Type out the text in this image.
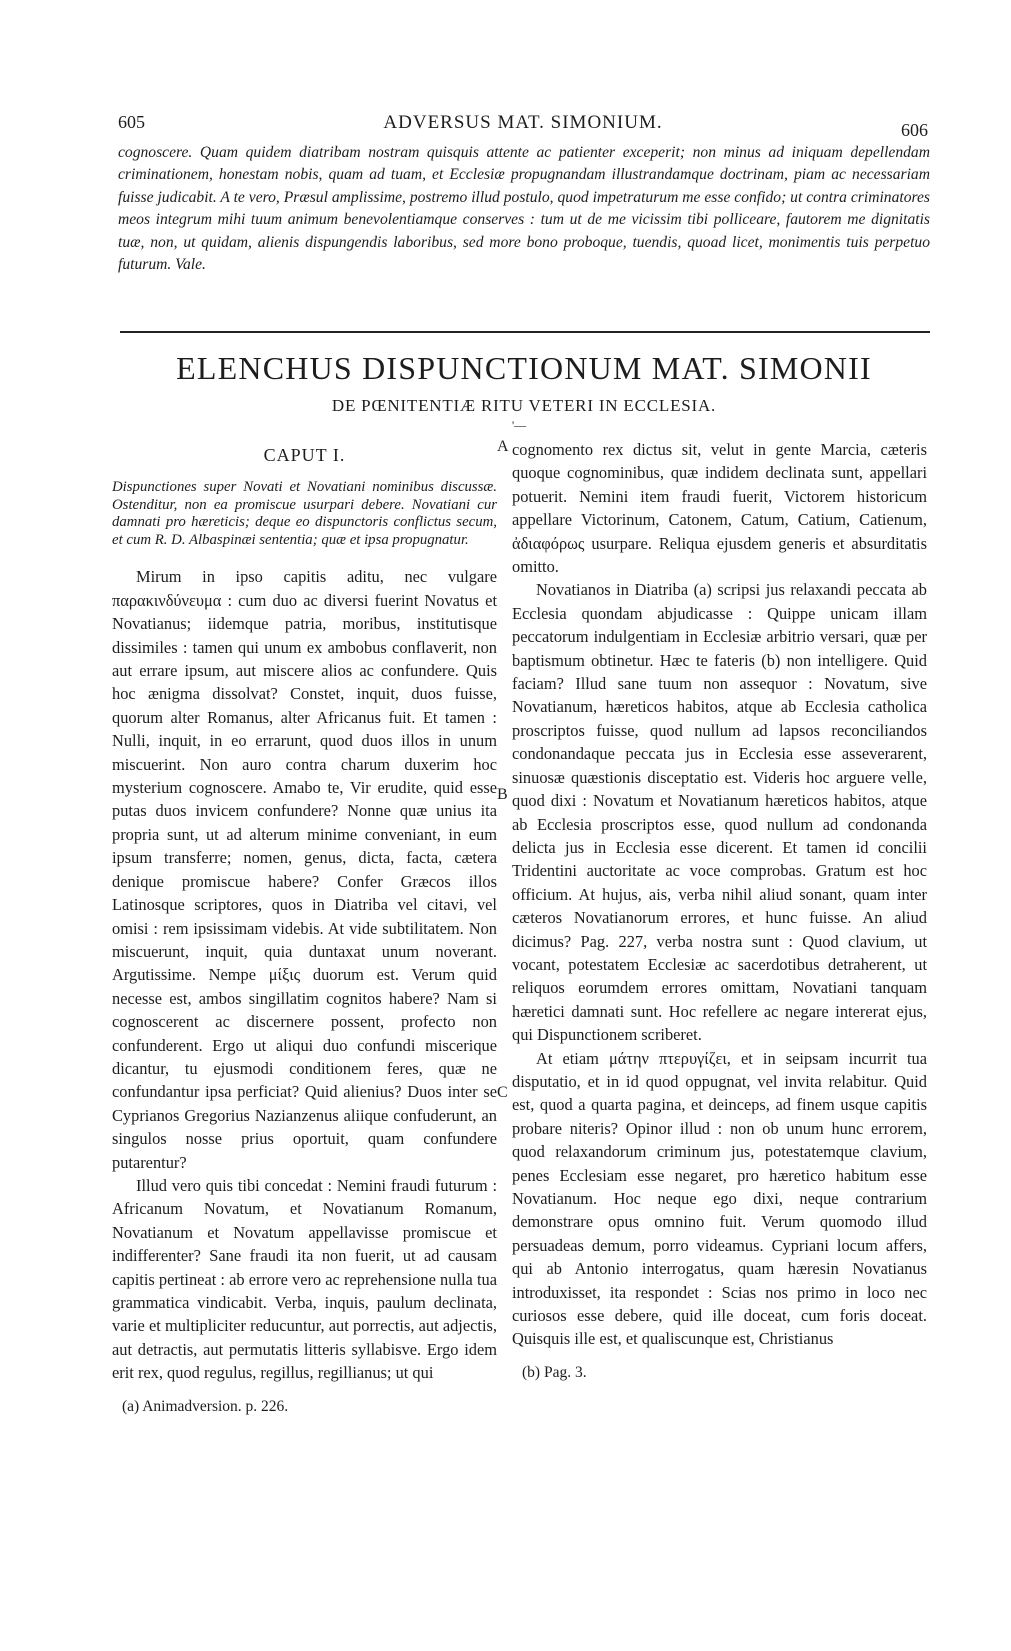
605	ADVERSUS MAT. SIMONIUM.	606
cognoscere. Quam quidem diatribam nostram quisquis attente ac patienter exceperit; non minus ad iniquam depellendam criminationem, honestam nobis, quam ad tuam, et Ecclesiæ propugnandam illustrandamque doctrinam, piam ac necessariam fuisse judicabit. A te vero, Præsul amplissime, postremo illud postulo, quod impetraturum me esse confido; ut contra criminatores meos integrum mihi tuum animum benevolentiamque conserves : tum ut de me vicissim tibi polliceare, fautorem me dignitatis tuæ, non, ut quidam, alienis dispungendis laboribus, sed more bono proboque, tuendis, quoad licet, monimentis tuis perpetuo futurum. Vale.
ELENCHUS DISPUNCTIONUM MAT. SIMONII
DE PŒNITENTIÆ RITU VETERI IN ECCLESIA.
'—
CAPUT I.
Dispunctiones super Novati et Novatiani nominibus discussæ. Ostenditur, non ea promiscue usurpari debere. Novatiani cur damnati pro hæreticis; deque eo dispunctoris conflictus secum, et cum R. D. Albaspinæi sententia; quæ et ipsa propugnatur.

Mirum in ipso capitis aditu, nec vulgare παρακινδύνευμα : cum duo ac diversi fuerint Novatus et Novatianus; iidemque patria, moribus, institutisque dissimiles : tamen qui unum ex ambobus conflaverit, non aut errare ipsum, aut miscere alios ac confundere. Quis hoc ænigma dissolvat? Constet, inquit, duos fuisse, quorum alter Romanus, alter Africanus fuit. Et tamen : Nulli, inquit, in eo errarunt, quod duos illos in unum miscuerint. Non auro contra charum duxerim hoc mysterium cognoscere. Amabo te, Vir erudite, quid esse putas duos invicem confundere? Nonne quæ unius ita propria sunt, ut ad alterum minime conveniant, in eum ipsum transferre; nomen, genus, dicta, facta, cætera denique promiscue habere? Confer Græcos illos Latinosque scriptores, quos in Diatriba vel citavi, vel omisi : rem ipsissimam videbis. At vide subtilitatem. Non miscuerunt, inquit, quia duntaxat unum noverant. Argutissime. Nempe μίξις duorum est. Verum quid necesse est, ambos singillatim cognitos habere? Nam si cognoscerent ac discernere possent, profecto non confunderent. Ergo ut aliqui duo confundi miscerique dicantur, tu ejusmodi conditionem feres, quæ ne confundantur ipsa perficiat? Quid alienius? Duos inter se Cyprianos Gregorius Nazianzenus aliique confuderunt, an singulos nosse prius oportuit, quam confundere putarentur?

Illud vero quis tibi concedat : Nemini fraudi futurum : Africanum Novatum, et Novatianum Romanum, Novatianum et Novatum appellavisse promiscue et indifferenter? Sane fraudi ita non fuerit, ut ad causam capitis pertineat : ab errore vero ac reprehensione nulla tua grammatica vindicabit. Verba, inquis, paulum declinata, varie et multipliciter reducuntur, aut porrectis, aut adjectis, aut detractis, aut permutatis litteris syllabisve. Ergo idem erit rex, quod regulus, regillus, regillianus; ut qui

(a) Animadversion. p. 226.

cognomento rex dictus sit, velut in gente Marcia, cæteris quoque cognominibus, quæ indidem declinata sunt, appellari potuerit. Nemini item fraudi fuerit, Victorem historicum appellare Victorinum, Catonem, Catum, Catium, Catienum, ἀδιαφόρως usurpare. Reliqua ejusdem generis et absurditatis omitto.

Novatianos in Diatriba (a) scripsi jus relaxandi peccata ab Ecclesia quondam abjudicasse : Quippe unicam illam peccatorum indulgentiam in Ecclesiæ arbitrio versari, quæ per baptismum obtinetur. Hæc te fateris (b) non intelligere. Quid faciam? Illud sane tuum non assequor : Novatum, sive Novatianum, hæreticos habitos, atque ab Ecclesia catholica proscriptos fuisse, quod nullum ad lapsos reconciliandos condonandaque peccata jus in Ecclesia esse asseverarent, sinuosæ quæstionis disceptatio est. Videris hoc arguere velle, quod dixi : Novatum et Novatianum hæreticos habitos, atque ab Ecclesia proscriptos esse, quod nullum ad condonanda delicta jus in Ecclesia esse dicerent. Et tamen id concilii Tridentini auctoritate ac voce comprobas. Gratum est hoc officium. At hujus, ais, verba nihil aliud sonant, quam inter cæteros Novatianorum errores, et hunc fuisse. An aliud dicimus? Pag. 227, verba nostra sunt : Quod clavium, ut vocant, potestatem Ecclesiæ ac sacerdotibus detraherent, ut reliquos eorumdem errores omittam, Novatiani tanquam hæretici damnati sunt. Hoc refellere ac negare intererat ejus, qui Dispunctionem scriberet.

At etiam μάτην πτερυγίζει, et in seipsam incurrit tua disputatio, et in id quod oppugnat, vel invita relabitur. Quid est, quod a quarta pagina, et deinceps, ad finem usque capitis probare niteris? Opinor illud : non ob unum hunc errorem, quod relaxandorum criminum jus, potestatemque clavium, penes Ecclesiam esse negaret, pro hæretico habitum esse Novatianum. Hoc neque ego dixi, neque contrarium demonstrare opus omnino fuit. Verum quomodo illud persuadeas demum, porro videamus. Cypriani locum affers, qui ab Antonio interrogatus, quam hæresin Novatianus introduxisset, ita respondet : Scias nos primo in loco nec curiosos esse debere, quid ille doceat, cum foris doceat. Quisquis ille est, et qualiscunque est, Christianus

(b) Pag. 3.
A
B
C
